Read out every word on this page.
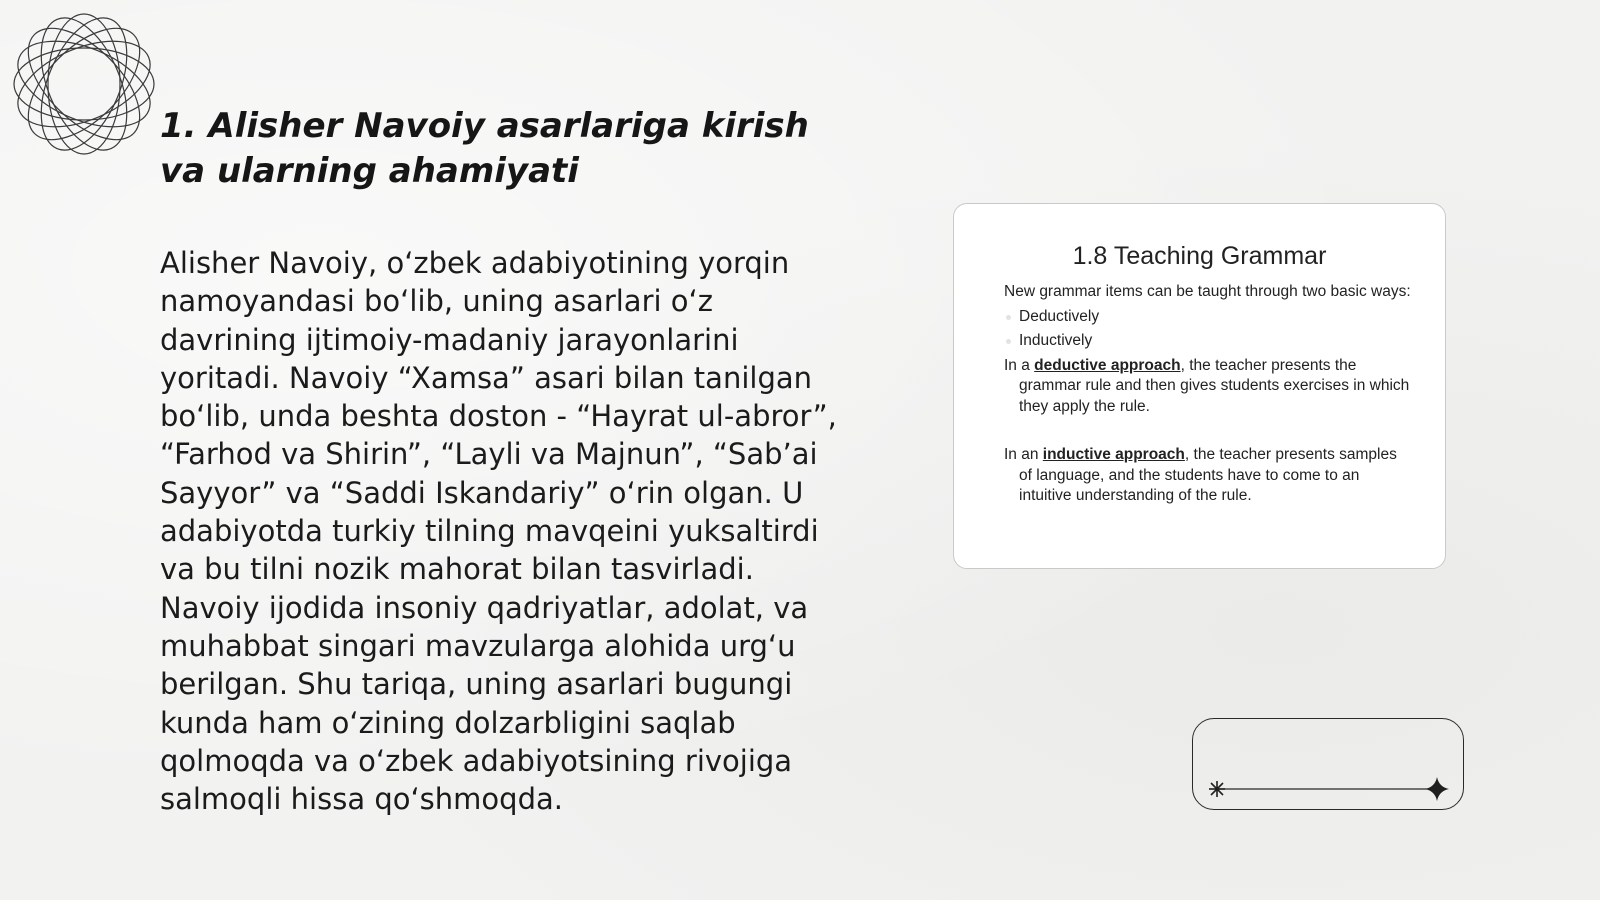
1. Alisher Navoiy asarlariga kirish va ularning ahamiyati

Alisher Navoiy, oʻzbek adabiyotining yorqin namoyandasi boʻlib, uning asarlari oʻz davrining ijtimoiy-madaniy jarayonlarini yoritadi. Navoiy “Xamsa” asari bilan tanilgan boʻlib, unda beshta doston - “Hayrat ul-abror”, “Farhod va Shirin”, “Layli va Majnun”, “Sabʼai Sayyor” va “Saddi Iskandariy” oʻrin olgan. U adabiyotda turkiy tilning mavqeini yuksaltirdi va bu tilni nozik mahorat bilan tasvirladi. Navoiy ijodida insoniy qadriyatlar, adolat, va muhabbat singari mavzularga alohida urgʻu berilgan. Shu tariqa, uning asarlari bugungi kunda ham oʻzining dolzarbligini saqlab qolmoqda va oʻzbek adabiyotsining rivojiga salmoqli hissa qoʻshmoqda.

1.8 Teaching Grammar

New grammar items can be taught through two basic ways:

Deductively

Inductively

In a deductive approach, the teacher presents the grammar rule and then gives students exercises in which they apply the rule.

In an inductive approach, the teacher presents samples of language, and the students have to come to an intuitive understanding of the rule.
